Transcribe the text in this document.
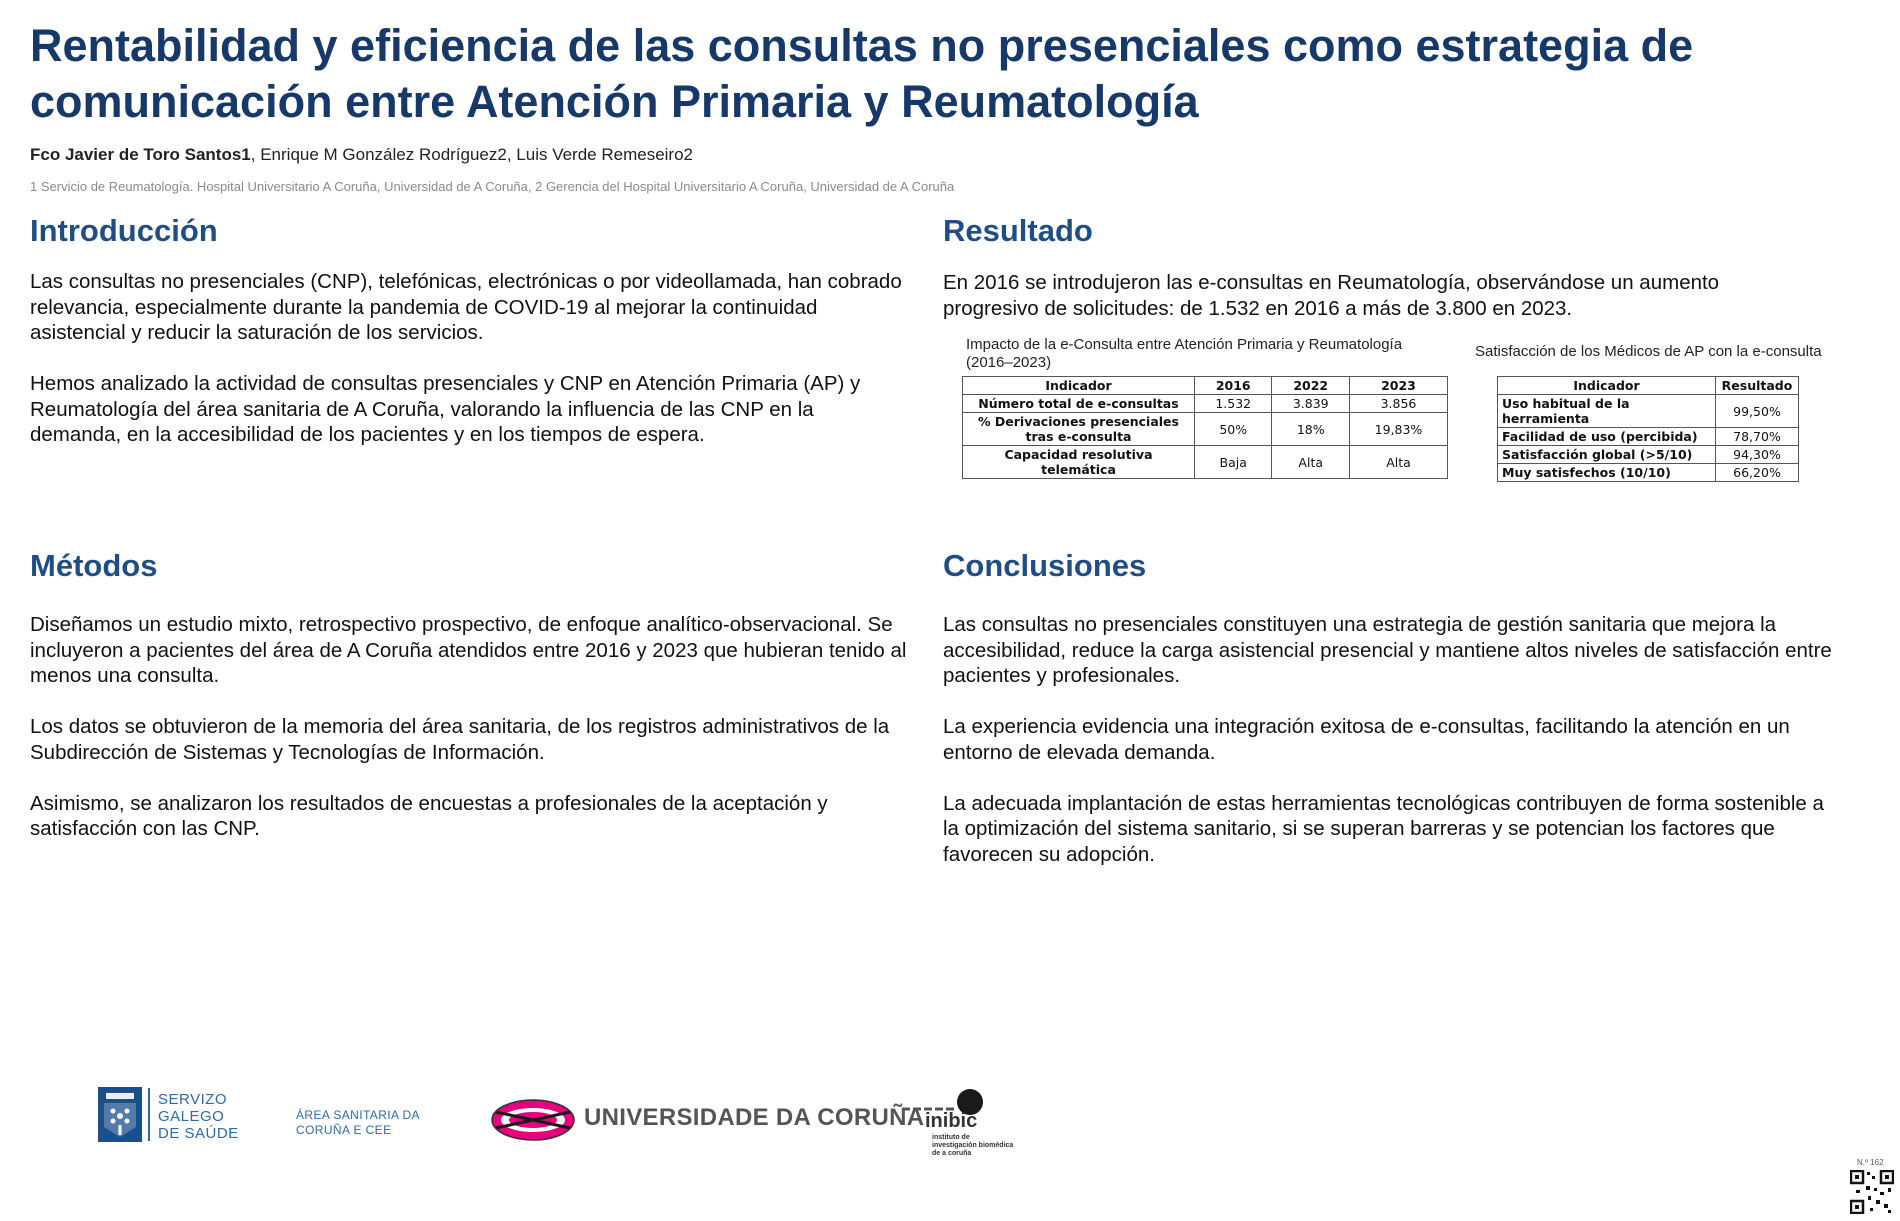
Rentabilidad y eficiencia de las consultas no presenciales como estrategia de comunicación entre Atención Primaria y Reumatología
Fco Javier de Toro Santos1, Enrique M González Rodríguez2, Luis Verde Remeseiro2
1 Servicio de Reumatología. Hospital Universitario A Coruña, Universidad de A Coruña, 2 Gerencia del Hospital Universitario A Coruña, Universidad de A Coruña
Introducción

Las consultas no presenciales (CNP), telefónicas, electrónicas o por videollamada, han cobrado relevancia, especialmente durante la pandemia de COVID-19 al mejorar la continuidad asistencial y reducir la saturación de los servicios.

Hemos analizado la actividad de consultas presenciales y CNP en Atención Primaria (AP) y Reumatología del área sanitaria de A Coruña, valorando la influencia de las CNP en la demanda, en la accesibilidad de los pacientes y en los tiempos de espera.

Métodos

Diseñamos un estudio mixto, retrospectivo prospectivo, de enfoque analítico-observacional. Se incluyeron a pacientes del área de A Coruña atendidos entre 2016 y 2023 que hubieran tenido al menos una consulta.

Los datos se obtuvieron de la memoria del área sanitaria, de los registros administrativos de la Subdirección de Sistemas y Tecnologías de Información.

Asimismo, se analizaron los resultados de encuestas a profesionales de la aceptación y satisfacción con las CNP.

Resultado

En 2016 se introdujeron las e-consultas en Reumatología, observándose un aumento progresivo de solicitudes: de 1.532 en 2016 a más de 3.800 en 2023.

Impacto de la e-Consulta entre Atención Primaria y Reumatología (2016–2023)
Indicador	2016	2022	2023
Número total de e-consultas	1.532	3.839	3.856
% Derivaciones presenciales tras e-consulta	50%	18%	19,83%
Capacidad resolutiva telemática	Baja	Alta	Alta
Satisfacción de los Médicos de AP con la e-consulta
Indicador	Resultado
Uso habitual de la herramienta	99,50%
Facilidad de uso (percibida)	78,70%
Satisfacción global (>5/10)	94,30%
Muy satisfechos (10/10)	66,20%
Conclusiones

Las consultas no presenciales constituyen una estrategia de gestión sanitaria que mejora la accesibilidad, reduce la carga asistencial presencial y mantiene altos niveles de satisfacción entre pacientes y profesionales.

La experiencia evidencia una integración exitosa de e-consultas, facilitando la atención en un entorno de elevada demanda.

La adecuada implantación de estas herramientas tecnológicas contribuyen de forma sostenible a la optimización del sistema sanitario, si se superan barreras y se potencian los factores que favorecen su adopción.

SERVIZO
GALEGO
DE SAÚDE
ÁREA SANITARIA DA
CORUÑA E CEE	UNIVERSIDADE DA CORUÑA inibic
instituto de
investigación biomédica
de a coruña
N.º 162
